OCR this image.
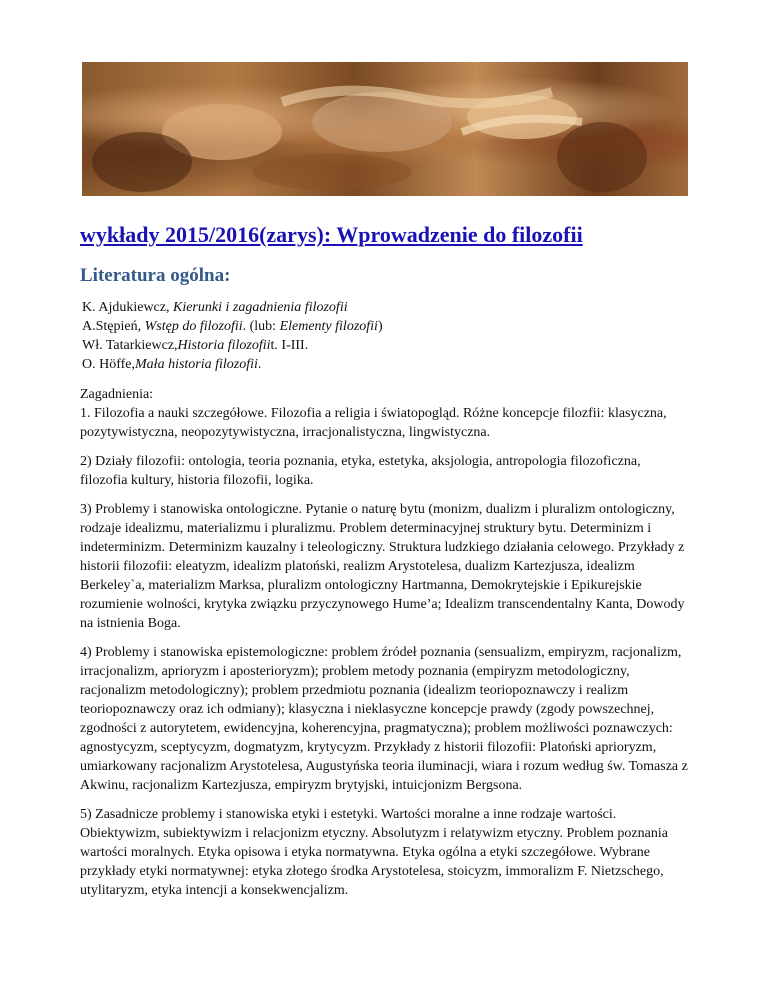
wykłady 2015/2016(zarys): Wprowadzenie do filozofii
Literatura ogólna:
K. Ajdukiewcz, Kierunki i zagadnienia filozofii
A.Stępień, Wstęp do filozofii. (lub: Elementy filozofii)
Wł. Tatarkiewcz,Historia filozofiit. I-III.
O. Höffe,Mała historia filozofii.

Zagadnienia:
1. Filozofia a nauki szczegółowe. Filozofia a religia i światopogląd. Różne koncepcje filozfii: klasyczna, pozytywistyczna, neopozytywistyczna, irracjonalistyczna, lingwistyczna.

2) Działy filozofii: ontologia, teoria poznania, etyka, estetyka, aksjologia, antropologia filozoficzna, filozofia kultury, historia filozofii, logika.

3) Problemy i stanowiska ontologiczne. Pytanie o naturę bytu (monizm, dualizm i pluralizm ontologiczny, rodzaje idealizmu, materializmu i pluralizmu. Problem determinacyjnej struktury bytu. Determinizm i indeterminizm. Determinizm kauzalny i teleologiczny. Struktura ludzkiego działania celowego. Przykłady z historii filozofii: eleatyzm, idealizm platoński, realizm Arystotelesa, dualizm Kartezjusza, idealizm Berkeley`a, materializm Marksa, pluralizm ontologiczny Hartmanna, Demokrytejskie i Epikurejskie rozumienie wolności, krytyka związku przyczynowego Hume’a; Idealizm transcendentalny Kanta, Dowody na istnienia Boga.

4) Problemy i stanowiska epistemologiczne: problem źródeł poznania (sensualizm, empiryzm, racjonalizm, irracjonalizm, aprioryzm i aposterioryzm); problem metody poznania (empiryzm metodologiczny, racjonalizm metodologiczny); problem przedmiotu poznania (idealizm teoriopoznawczy i realizm teoriopoznawczy oraz ich odmiany); klasyczna i nieklasyczne koncepcje prawdy (zgody powszechnej, zgodności z autorytetem, ewidencyjna, koherencyjna, pragmatyczna); problem możliwości poznawczych: agnostycyzm, sceptycyzm, dogmatyzm, krytycyzm. Przykłady z historii filozofii: Platoński aprioryzm, umiarkowany racjonalizm Arystotelesa, Augustyńska teoria iluminacji, wiara i rozum według św. Tomasza z Akwinu, racjonalizm Kartezjusza, empiryzm brytyjski, intuicjonizm Bergsona.

5) Zasadnicze problemy i stanowiska etyki i estetyki. Wartości moralne a inne rodzaje wartości. Obiektywizm, subiektywizm i relacjonizm etyczny. Absolutyzm i relatywizm etyczny. Problem poznania wartości moralnych. Etyka opisowa i etyka normatywna. Etyka ogólna a etyki szczegółowe. Wybrane przykłady etyki normatywnej: etyka złotego środka Arystotelesa, stoicyzm, immoralizm F. Nietzschego, utylitaryzm, etyka intencji a konsekwencjalizm.
